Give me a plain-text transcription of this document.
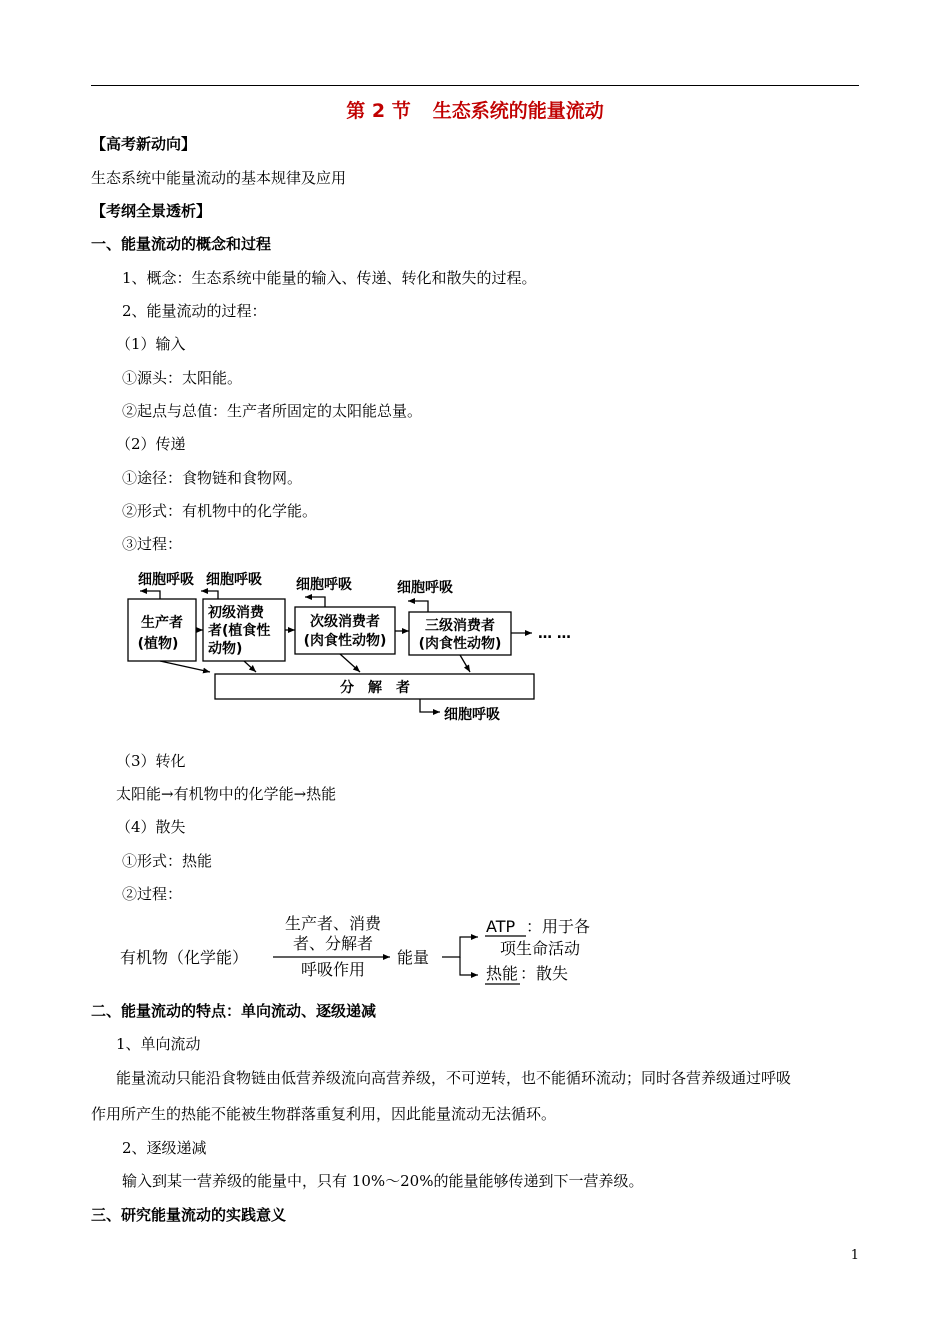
第 2 节 生态系统的能量流动
【高考新动向】
生态系统中能量流动的基本规律及应用
【考纲全景透析】
一、能量流动的概念和过程
1、概念：生态系统中能量的输入、传递、转化和散失的过程。
2、能量流动的过程：
（1）输入
①源头：太阳能。
②起点与总值：生产者所固定的太阳能总量。
（2）传递
①途径：食物链和食物网。
②形式：有机物中的化学能。
③过程：
细胞呼吸 细胞呼吸 细胞呼吸	细胞呼吸
细胞呼吸
生产者
(植物)
初级消费
者(植食性
动物)
次级消费者
(肉食性动物)
三级消费者
(肉食性动物)
… …
分　解　者
（3）转化
太阳能→有机物中的化学能→热能
（4）散失
①形式：热能
②过程：
有机物（化学能）
生产者、消费
者、分解者
呼吸作用
能量
ATP ：用于各
项生命活动
热能 ：散失
二、能量流动的特点：单向流动、逐级递减
1、单向流动
能量流动只能沿食物链由低营养级流向高营养级，不可逆转，也不能循环流动；同时各营养级通过呼吸
作用所产生的热能不能被生物群落重复利用，因此能量流动无法循环。
2、逐级递减
输入到某一营养级的能量中，只有 10%～20%的能量能够传递到下一营养级。
三、研究能量流动的实践意义
1
